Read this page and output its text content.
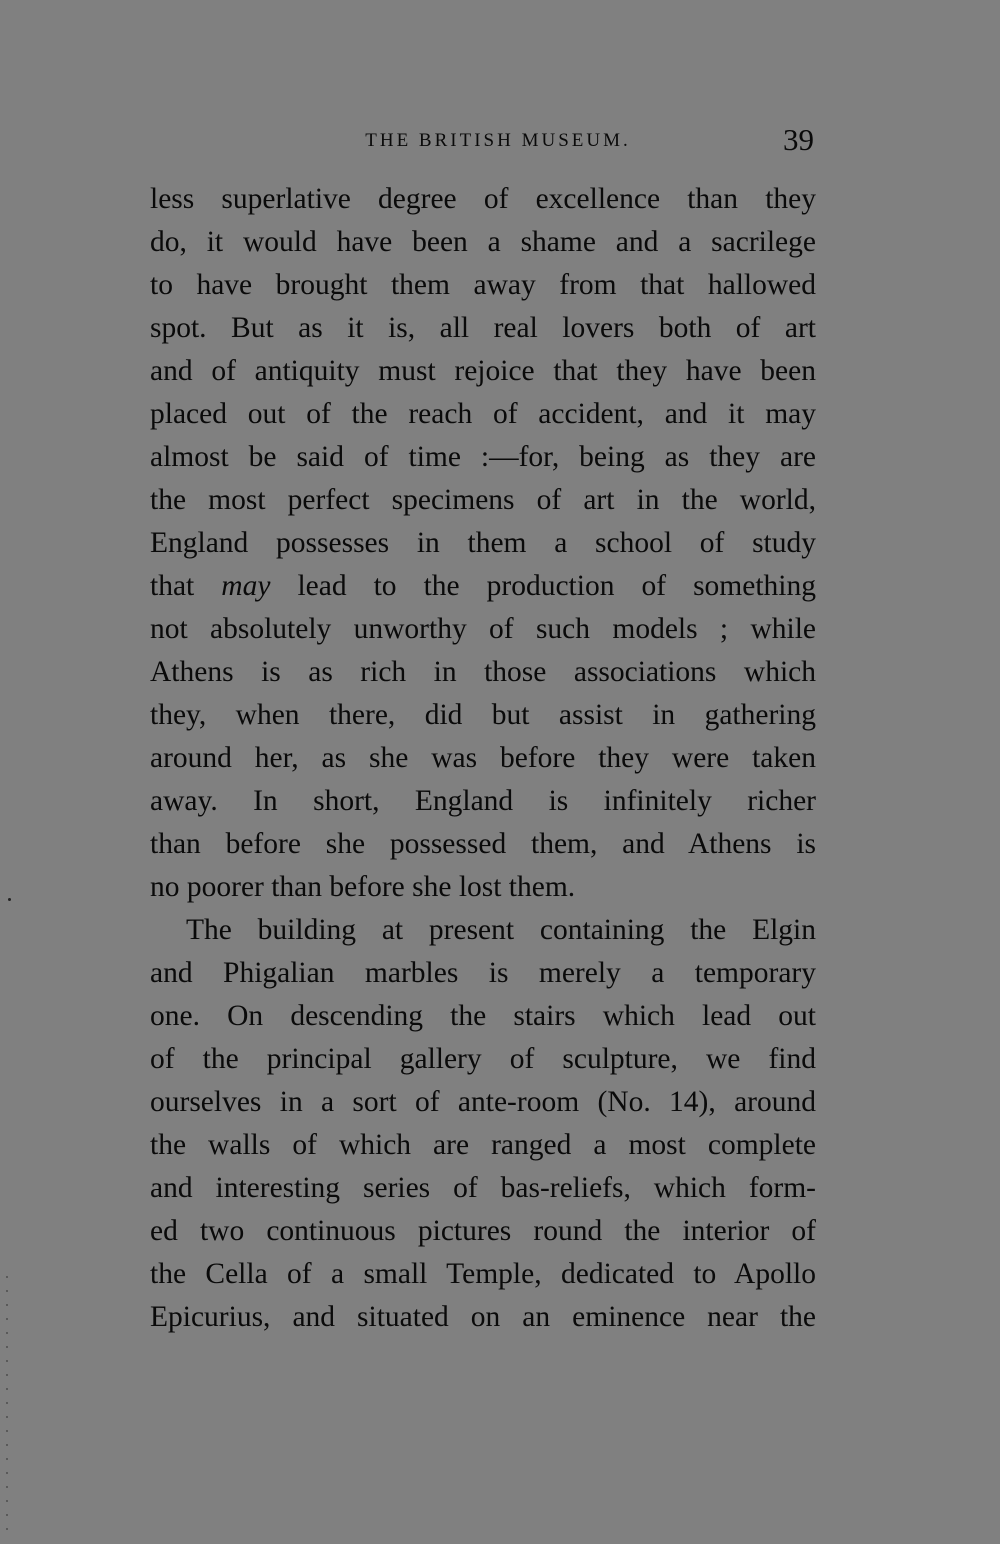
THE BRITISH MUSEUM.	39
less superlative degree of excellence than they
do, it would have been a shame and a sacrilege
to have brought them away from that hallowed
spot. But as it is, all real lovers both of art
and of antiquity must rejoice that they have been
placed out of the reach of accident, and it may
almost be said of time :—for, being as they are
the most perfect specimens of art in the world,
England possesses in them a school of study
that may lead to the production of something
not absolutely unworthy of such models ; while
Athens is as rich in those associations which
they, when there, did but assist in gathering
around her, as she was before they were taken
away. In short, England is infinitely richer
than before she possessed them, and Athens is
no poorer than before she lost them.
The building at present containing the Elgin
and Phigalian marbles is merely a temporary
one. On descending the stairs which lead out
of the principal gallery of sculpture, we find
ourselves in a sort of ante-room (No. 14), around
the walls of which are ranged a most complete
and interesting series of bas-reliefs, which form-
ed two continuous pictures round the interior of
the Cella of a small Temple, dedicated to Apollo
Epicurius, and situated on an eminence near the
